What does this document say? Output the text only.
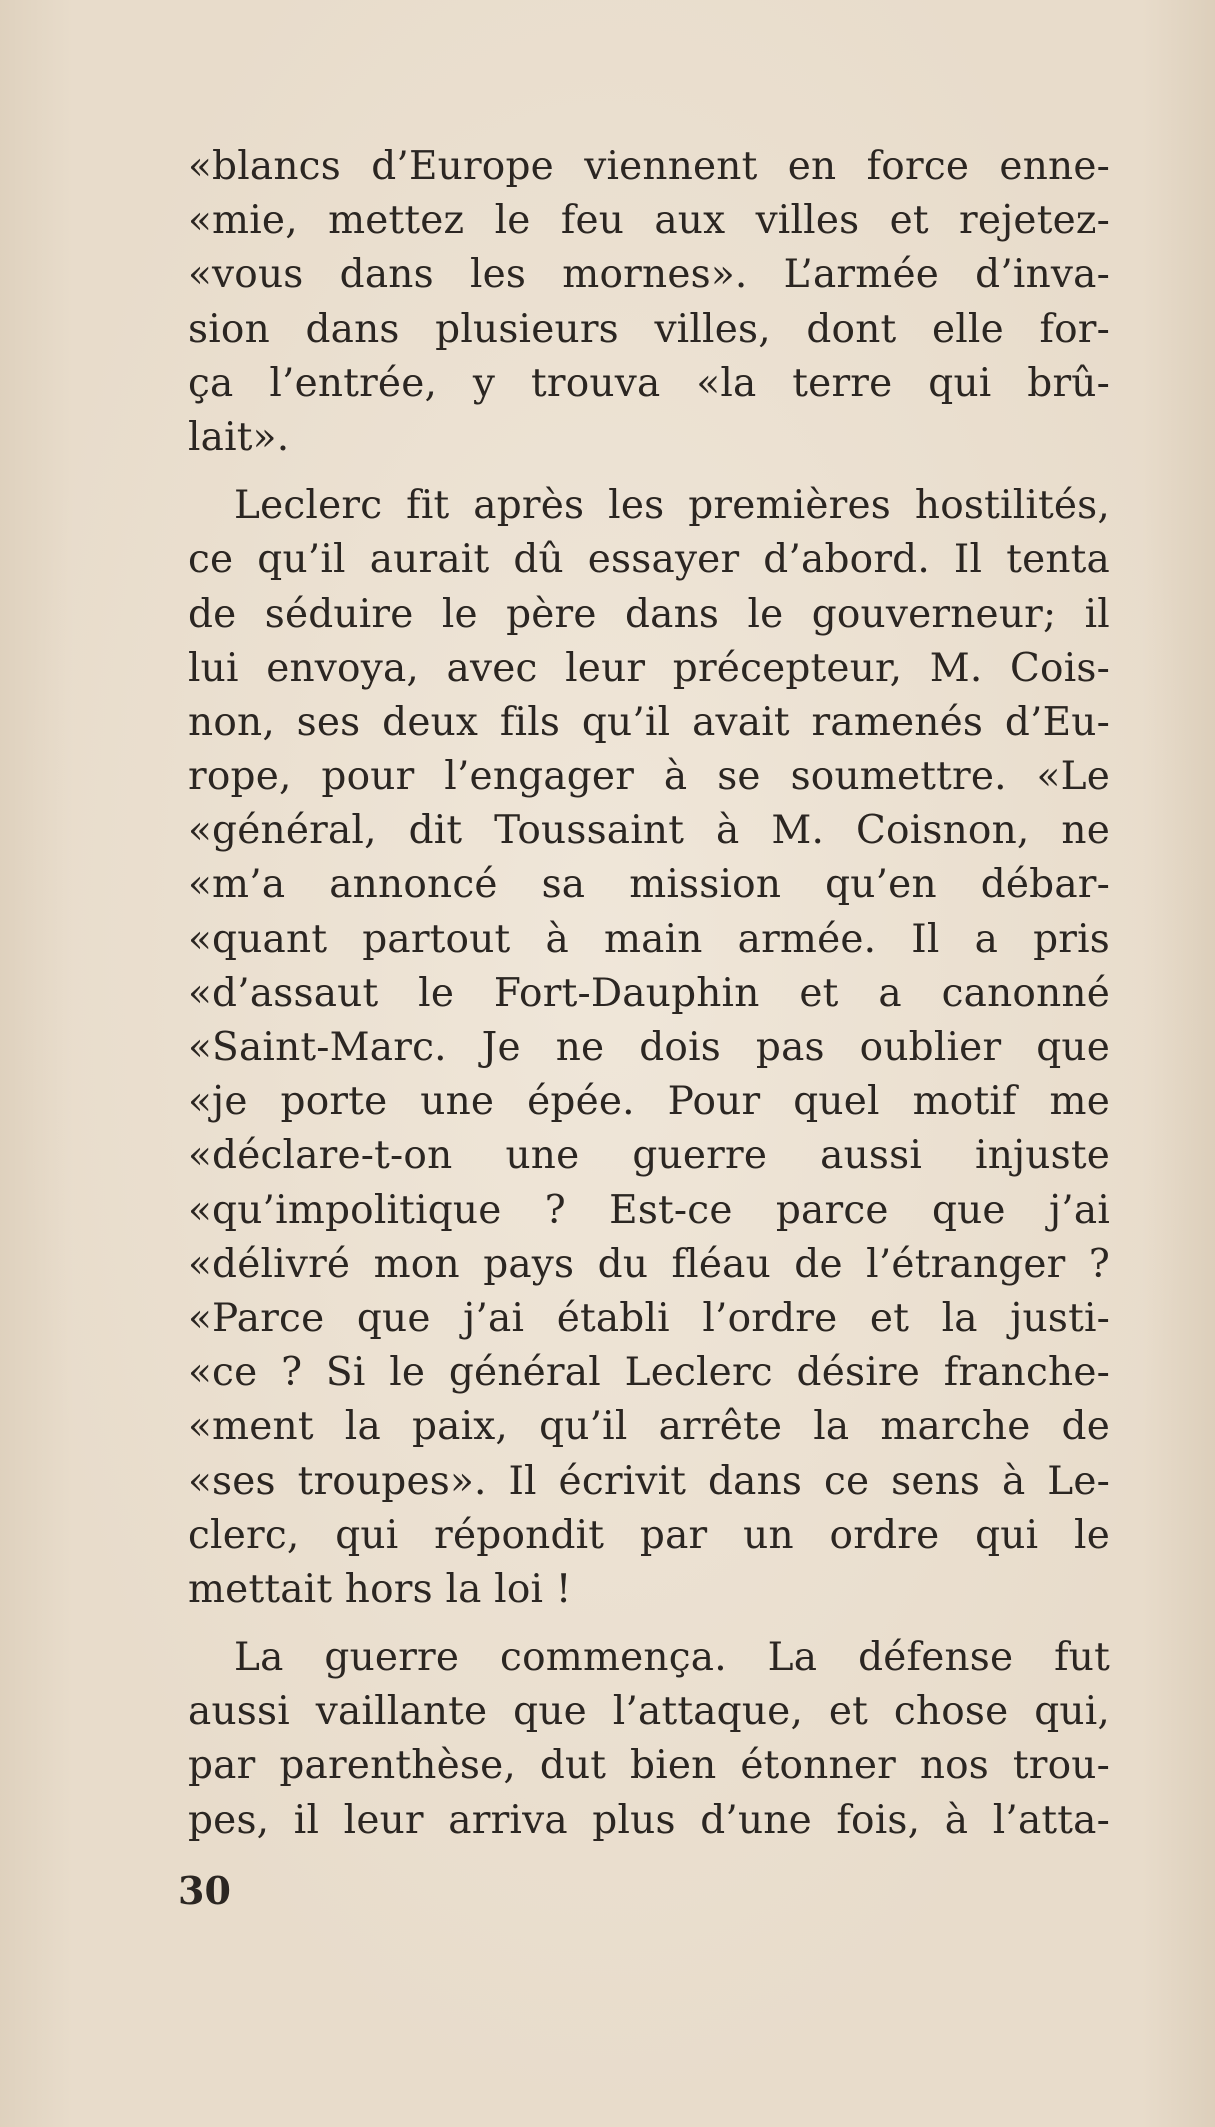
«blancs d’Europe viennent en force enne-
«mie, mettez le feu aux villes et rejetez-
«vous dans les mornes». L’armée d’inva-
sion dans plusieurs villes, dont elle for-
ça l’entrée, y trouva «la terre qui brû-
lait».
Leclerc fit après les premières hostilités,
ce qu’il aurait dû essayer d’abord. Il tenta
de séduire le père dans le gouverneur; il
lui envoya, avec leur précepteur, M. Cois-
non, ses deux fils qu’il avait ramenés d’Eu-
rope, pour l’engager à se soumettre. «Le
«général, dit Toussaint à M. Coisnon, ne
«m’a annoncé sa mission qu’en débar-
«quant partout à main armée. Il a pris
«d’assaut le Fort-Dauphin et a canonné
«Saint-Marc. Je ne dois pas oublier que
«je porte une épée. Pour quel motif me
«déclare-t-on une guerre aussi injuste
«qu’impolitique ? Est-ce parce que j’ai
«délivré mon pays du fléau de l’étranger ?
«Parce que j’ai établi l’ordre et la justi-
«ce ? Si le général Leclerc désire franche-
«ment la paix, qu’il arrête la marche de
«ses troupes». Il écrivit dans ce sens à Le-
clerc, qui répondit par un ordre qui le
mettait hors la loi !
La guerre commença. La défense fut
aussi vaillante que l’attaque, et chose qui,
par parenthèse, dut bien étonner nos trou-
pes, il leur arriva plus d’une fois, à l’atta-
30
